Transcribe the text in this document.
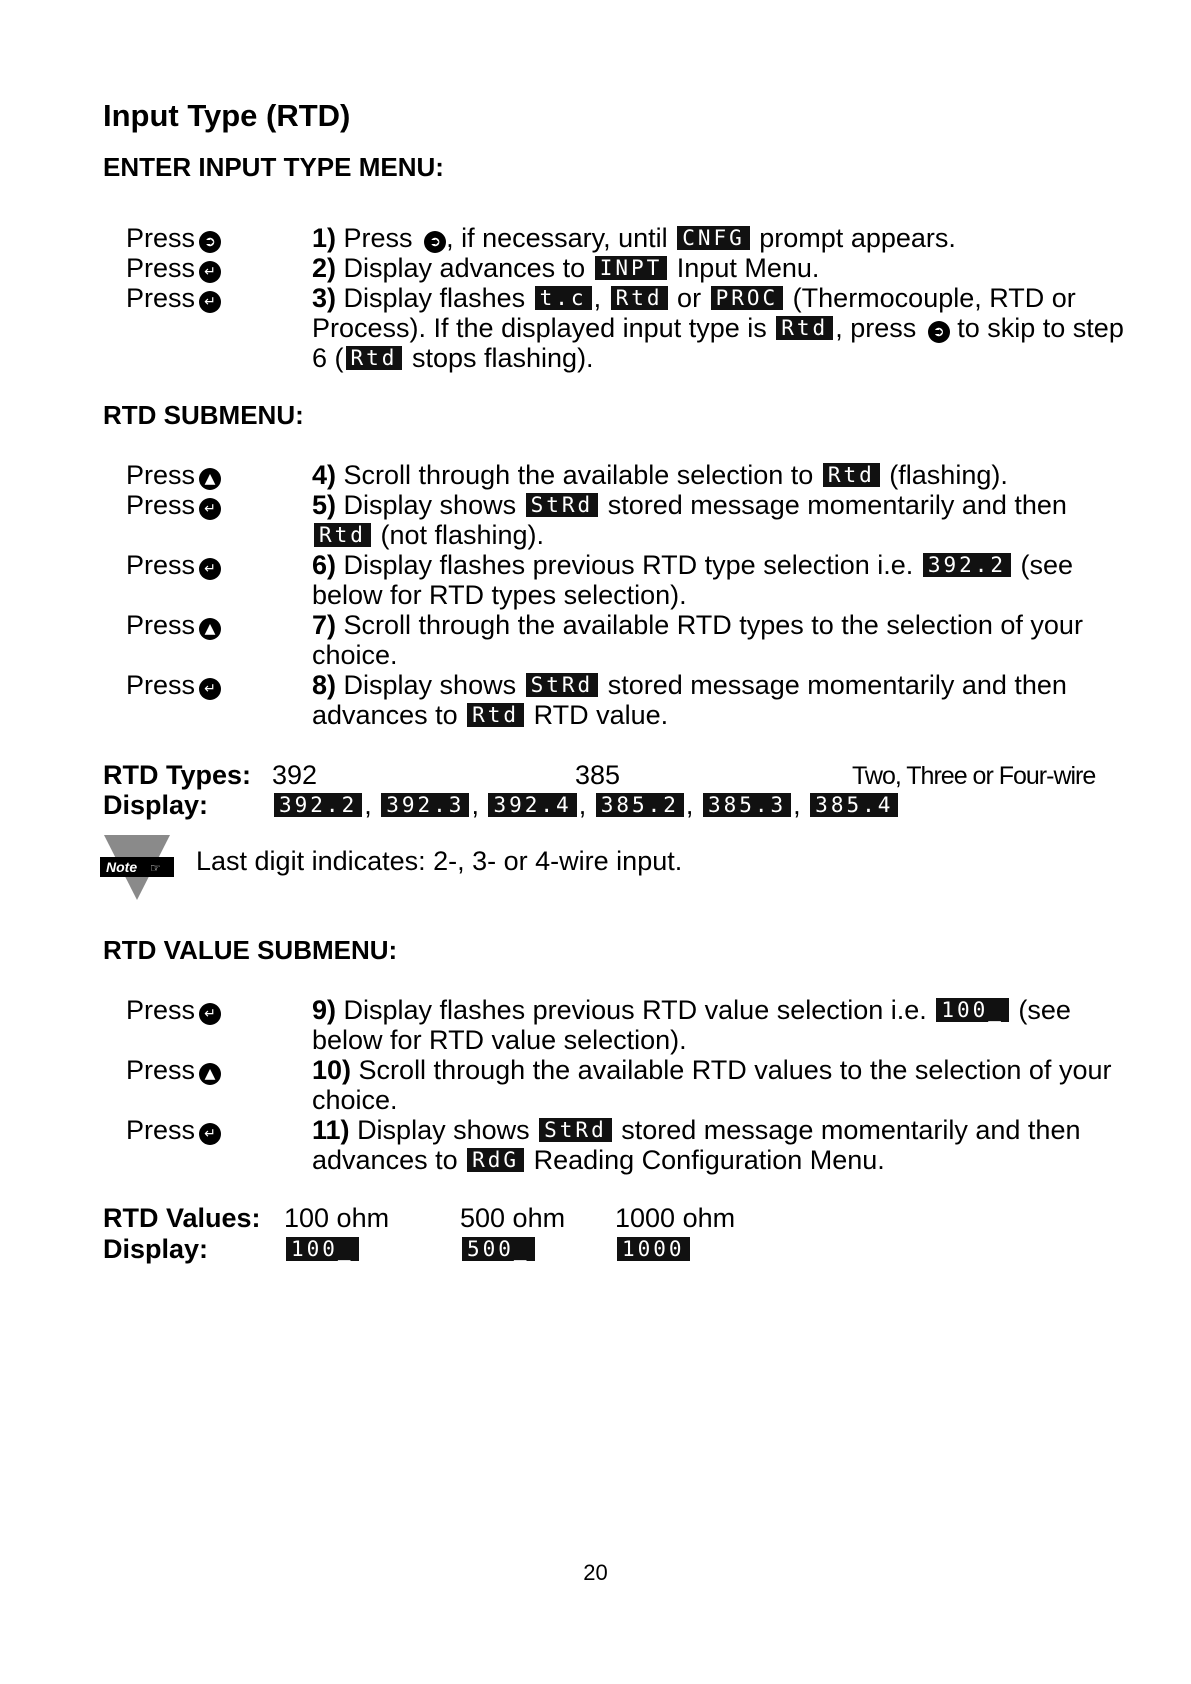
Input Type (RTD)
ENTER INPUT TYPE MENU:
Press ➲	1) Press ➲ , if necessary, until CNFG prompt appears.
Press ↵	2) Display advances to INPT Input Menu.
Press ↵	3) Display flashes t.c , Rtd or PROC (Thermocouple, RTD or Process). If the displayed input type is Rtd , press ➲ to skip to step 6 ( Rtd stops flashing).
RTD SUBMENU:
Press ▲	4) Scroll through the available selection to Rtd (flashing).
Press ↵	5) Display shows StRd stored message momentarily and then Rtd (not flashing).
Press ↵	6) Display flashes previous RTD type selection i.e. 392.2 (see below for RTD types selection).
Press ▲	7) Scroll through the available RTD types to the selection of your choice.
Press ↵	8) Display shows StRd stored message momentarily and then advances to Rtd RTD value.
RTD Types: 392	385	Two, Three or Four-wire
Display:	392.2 , 392.3 , 392.4 , 385.2 , 385.3 , 385.4
Note ☞ Last digit indicates: 2-, 3- or 4-wire input.
RTD VALUE SUBMENU:
Press ↵	9) Display flashes previous RTD value selection i.e. 100_ (see below for RTD value selection).
Press ▲	10) Scroll through the available RTD values to the selection of your choice.
Press ↵	11) Display shows StRd stored message momentarily and then advances to RdG Reading Configuration Menu.
RTD Values: 100 ohm	500 ohm 1000 ohm
Display:	100_	500_	1000
20
